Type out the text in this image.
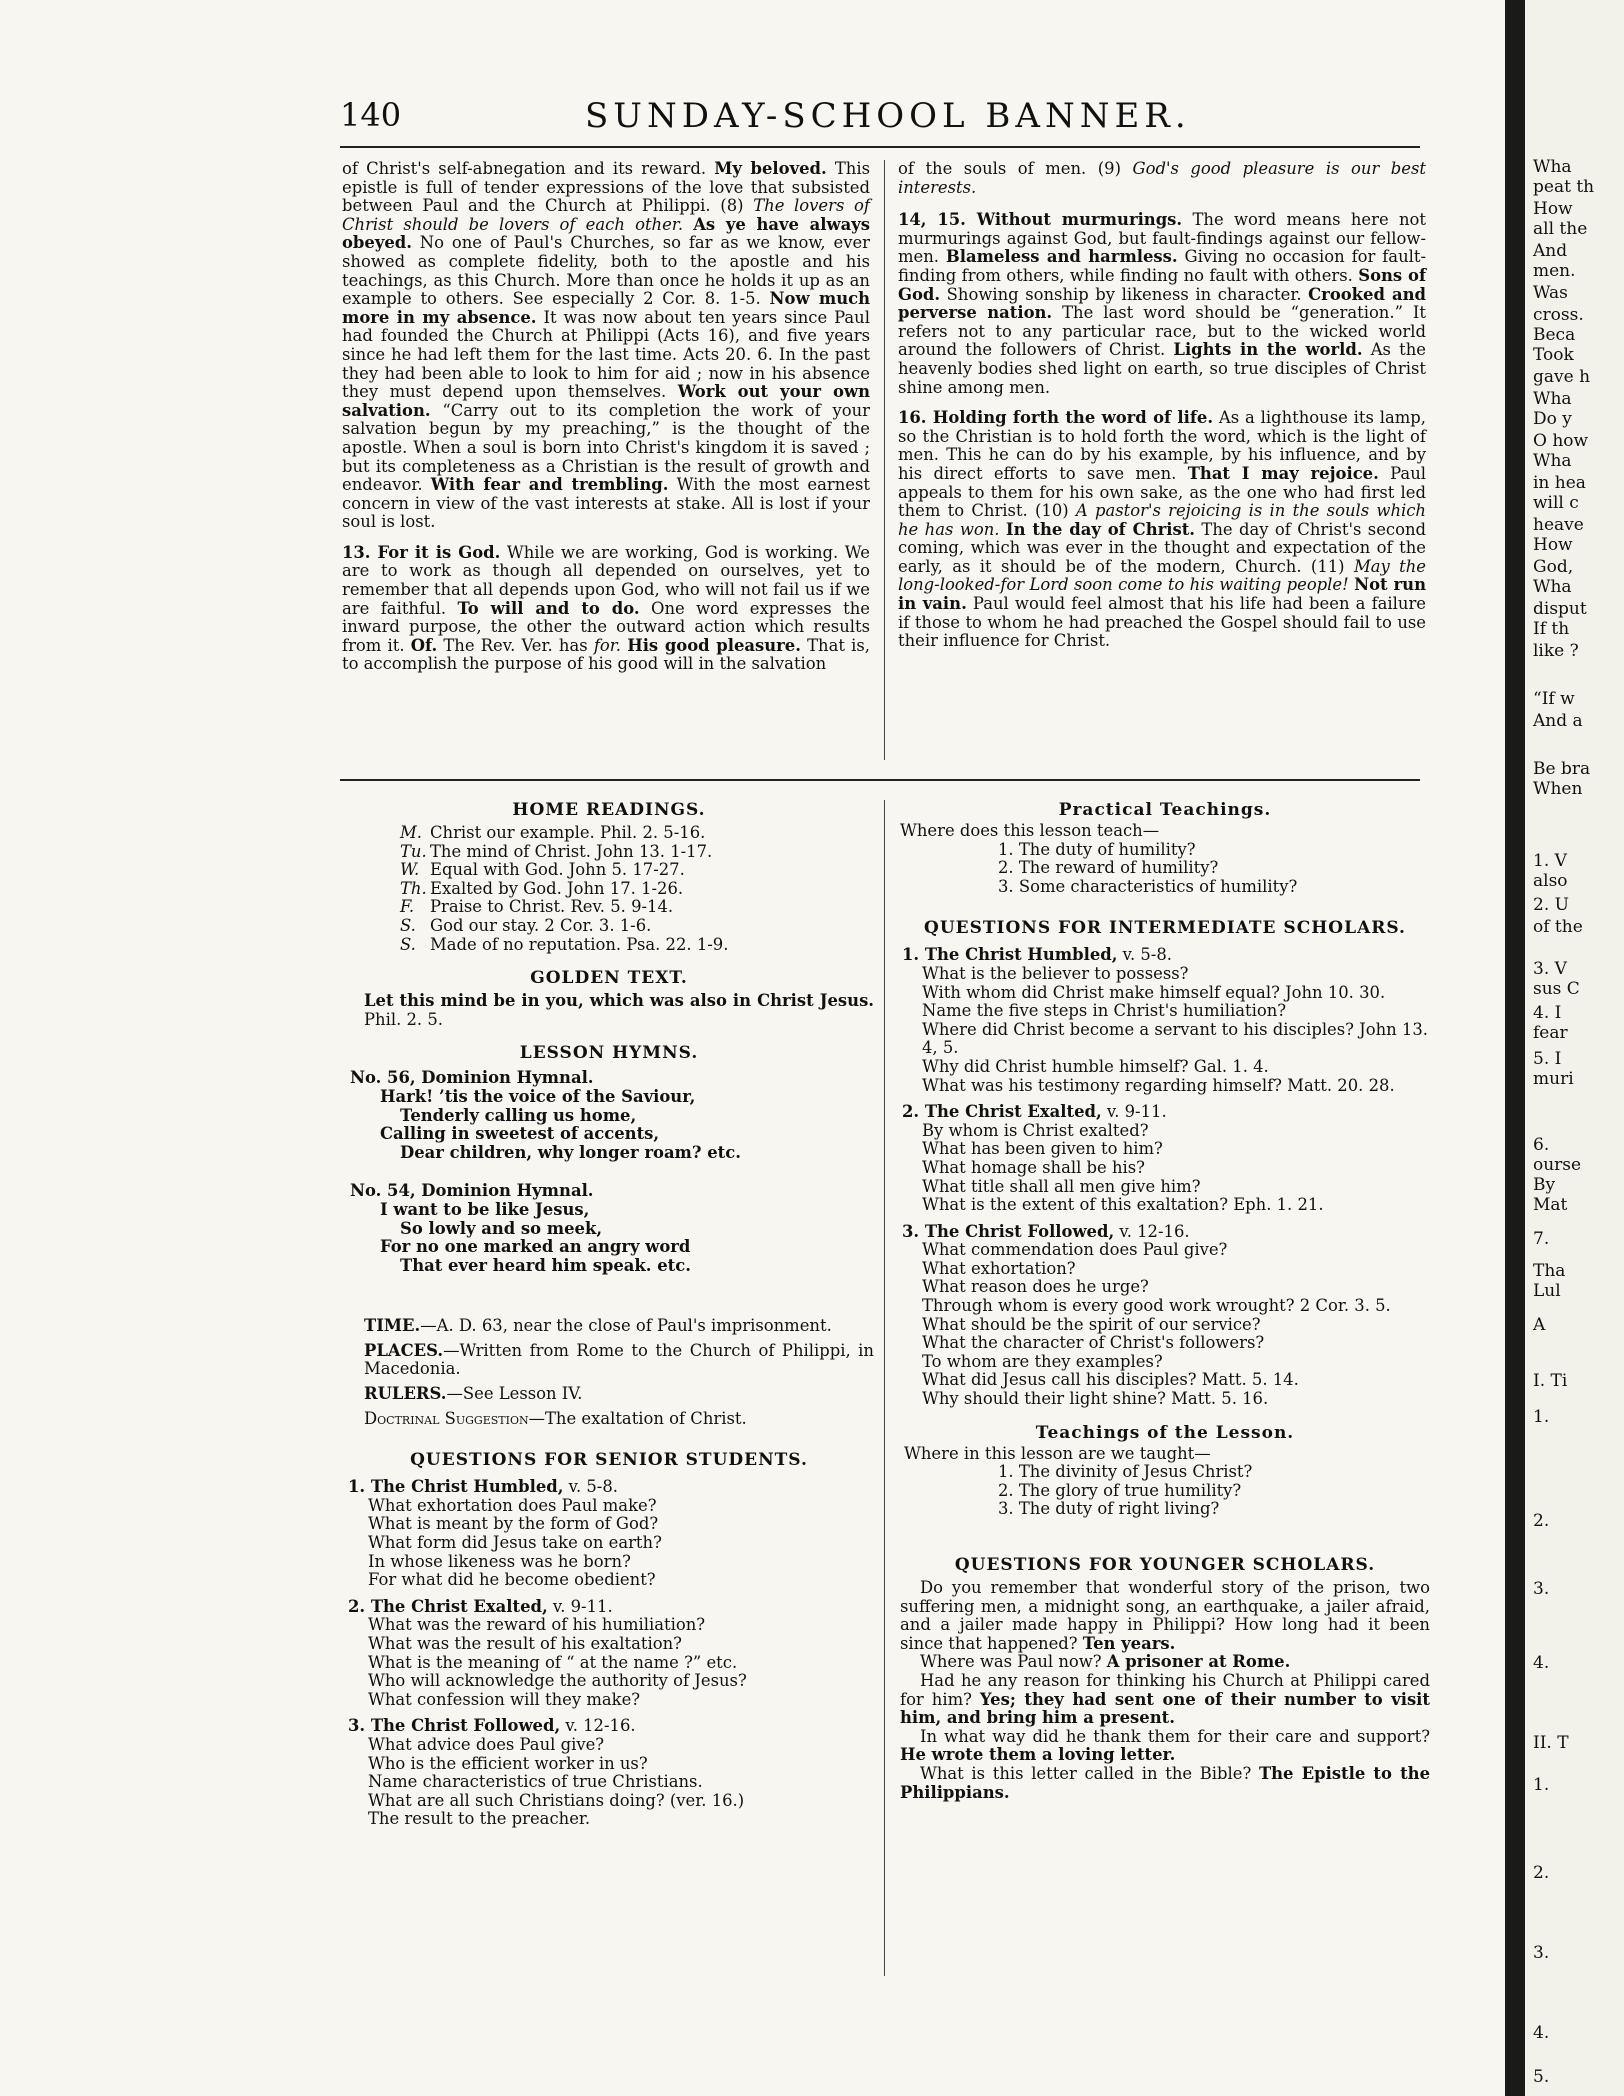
140	SUNDAY-SCHOOL BANNER.

of Christ's self-abnegation and its reward. My beloved. This epistle is full of tender expressions of the love that subsisted between Paul and the Church at Philippi. (8) The lovers of Christ should be lovers of each other. As ye have always obeyed. No one of Paul's Churches, so far as we know, ever showed as complete fidelity, both to the apostle and his teachings, as this Church. More than once he holds it up as an example to others. See especially 2 Cor. 8. 1-5. Now much more in my absence. It was now about ten years since Paul had founded the Church at Philippi (Acts 16), and five years since he had left them for the last time. Acts 20. 6. In the past they had been able to look to him for aid ; now in his absence they must depend upon themselves. Work out your own salvation. “Carry out to its completion the work of your salvation begun by my preaching,” is the thought of the apostle. When a soul is born into Christ's kingdom it is saved ; but its completeness as a Christian is the result of growth and endeavor. With fear and trembling. With the most earnest concern in view of the vast interests at stake. All is lost if your soul is lost.

13. For it is God. While we are working, God is working. We are to work as though all depended on ourselves, yet to remember that all depends upon God, who will not fail us if we are faithful. To will and to do. One word expresses the inward purpose, the other the outward action which results from it. Of. The Rev. Ver. has for. His good pleasure. That is, to accomplish the purpose of his good will in the salvation

of the souls of men. (9) God's good pleasure is our best interests.

14, 15. Without murmurings. The word means here not murmurings against God, but fault-findings against our fellow-men. Blameless and harmless. Giving no occasion for fault-finding from others, while finding no fault with others. Sons of God. Showing sonship by likeness in character. Crooked and perverse nation. The last word should be “generation.” It refers not to any particular race, but to the wicked world around the followers of Christ. Lights in the world. As the heavenly bodies shed light on earth, so true disciples of Christ shine among men.

16. Holding forth the word of life. As a lighthouse its lamp, so the Christian is to hold forth the word, which is the light of men. This he can do by his example, by his influence, and by his direct efforts to save men. That I may rejoice. Paul appeals to them for his own sake, as the one who had first led them to Christ. (10) A pastor's rejoicing is in the souls which he has won. In the day of Christ. The day of Christ's second coming, which was ever in the thought and expectation of the early, as it should be of the modern, Church. (11) May the long-looked-for Lord soon come to his waiting people! Not run in vain. Paul would feel almost that his life had been a failure if those to whom he had preached the Gospel should fail to use their influence for Christ.

HOME READINGS.
M. Christ our example. Phil. 2. 5-16.
Tu. The mind of Christ. John 13. 1-17.
W. Equal with God. John 5. 17-27.
Th. Exalted by God. John 17. 1-26.
F. Praise to Christ. Rev. 5. 9-14.
S. God our stay. 2 Cor. 3. 1-6.
S. Made of no reputation. Psa. 22. 1-9.
GOLDEN TEXT.
Let this mind be in you, which was also in Christ Jesus. Phil. 2. 5.
LESSON HYMNS.
No. 56, Dominion Hymnal.
Hark! ’tis the voice of the Saviour,
Tenderly calling us home,
Calling in sweetest of accents,
Dear children, why longer roam? etc.
No. 54, Dominion Hymnal.
I want to be like Jesus,
So lowly and so meek,
For no one marked an angry word
That ever heard him speak. etc.
TIME.—A. D. 63, near the close of Paul's imprisonment.
PLACES.—Written from Rome to the Church of Philippi, in Macedonia.
RULERS.—See Lesson IV.
Doctrinal Suggestion—The exaltation of Christ.
QUESTIONS FOR SENIOR STUDENTS.
1. The Christ Humbled, v. 5-8.
What exhortation does Paul make?
What is meant by the form of God?
What form did Jesus take on earth?
In whose likeness was he born?
For what did he become obedient?
2. The Christ Exalted, v. 9-11.
What was the reward of his humiliation?
What was the result of his exaltation?
What is the meaning of “ at the name ?” etc.
Who will acknowledge the authority of Jesus?
What confession will they make?
3. The Christ Followed, v. 12-16.
What advice does Paul give?
Who is the efficient worker in us?
Name characteristics of true Christians.
What are all such Christians doing? (ver. 16.)
The result to the preacher.
Practical Teachings.
Where does this lesson teach—
1. The duty of humility?
2. The reward of humility?
3. Some characteristics of humility?
QUESTIONS FOR INTERMEDIATE SCHOLARS.
1. The Christ Humbled, v. 5-8.
What is the believer to possess?
With whom did Christ make himself equal? John 10. 30.
Name the five steps in Christ's humiliation?
Where did Christ become a servant to his disciples? John 13. 4, 5.
Why did Christ humble himself? Gal. 1. 4.
What was his testimony regarding himself? Matt. 20. 28.
2. The Christ Exalted, v. 9-11.
By whom is Christ exalted?
What has been given to him?
What homage shall be his?
What title shall all men give him?
What is the extent of this exaltation? Eph. 1. 21.
3. The Christ Followed, v. 12-16.
What commendation does Paul give?
What exhortation?
What reason does he urge?
Through whom is every good work wrought? 2 Cor. 3. 5.
What should be the spirit of our service?
What the character of Christ's followers?
To whom are they examples?
What did Jesus call his disciples? Matt. 5. 14.
Why should their light shine? Matt. 5. 16.
Teachings of the Lesson.
Where in this lesson are we taught—
1. The divinity of Jesus Christ?
2. The glory of true humility?
3. The duty of right living?
QUESTIONS FOR YOUNGER SCHOLARS.
Do you remember that wonderful story of the prison, two suffering men, a midnight song, an earthquake, a jailer afraid, and a jailer made happy in Philippi? How long had it been since that happened? Ten years.
Where was Paul now? A prisoner at Rome.
Had he any reason for thinking his Church at Philippi cared for him? Yes; they had sent one of their number to visit him, and bring him a present.
In what way did he thank them for their care and support? He wrote them a loving letter.
What is this letter called in the Bible? The Epistle to the Philippians.
Wha
peat th
How
all the
And
men.
Was
cross.
Beca
Took
gave h
Wha
Do y
O how
Wha
in hea
will c
heave
How
God,
Wha
disput
If th
like ?
“If w
And a
Be bra
When
1. V
also
2. U
of the
3. V
sus C
4. I
fear
5. I
muri
6.
ourse
By
Mat
7.
Tha
Lul
A
I. Ti
1.
2.
3.
4.
II. T
1.
2.
3.
4.
5.
